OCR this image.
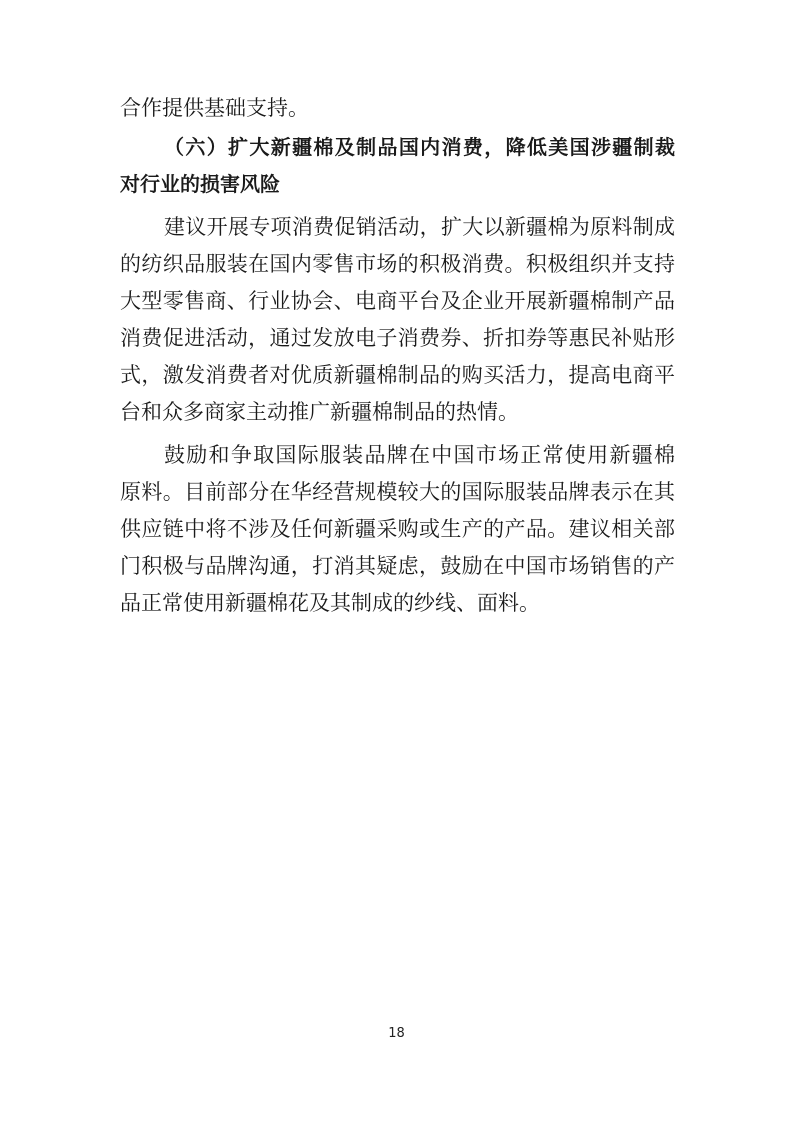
合作提供基础支持。
（六）扩大新疆棉及制品国内消费，降低美国涉疆制裁
对行业的损害风险
建议开展专项消费促销活动，扩大以新疆棉为原料制成
的纺织品服装在国内零售市场的积极消费。积极组织并支持
大型零售商、行业协会、电商平台及企业开展新疆棉制产品
消费促进活动，通过发放电子消费券、折扣券等惠民补贴形
式，激发消费者对优质新疆棉制品的购买活力，提高电商平
台和众多商家主动推广新疆棉制品的热情。
鼓励和争取国际服装品牌在中国市场正常使用新疆棉
原料。目前部分在华经营规模较大的国际服装品牌表示在其
供应链中将不涉及任何新疆采购或生产的产品。建议相关部
门积极与品牌沟通，打消其疑虑，鼓励在中国市场销售的产
品正常使用新疆棉花及其制成的纱线、面料。
18
